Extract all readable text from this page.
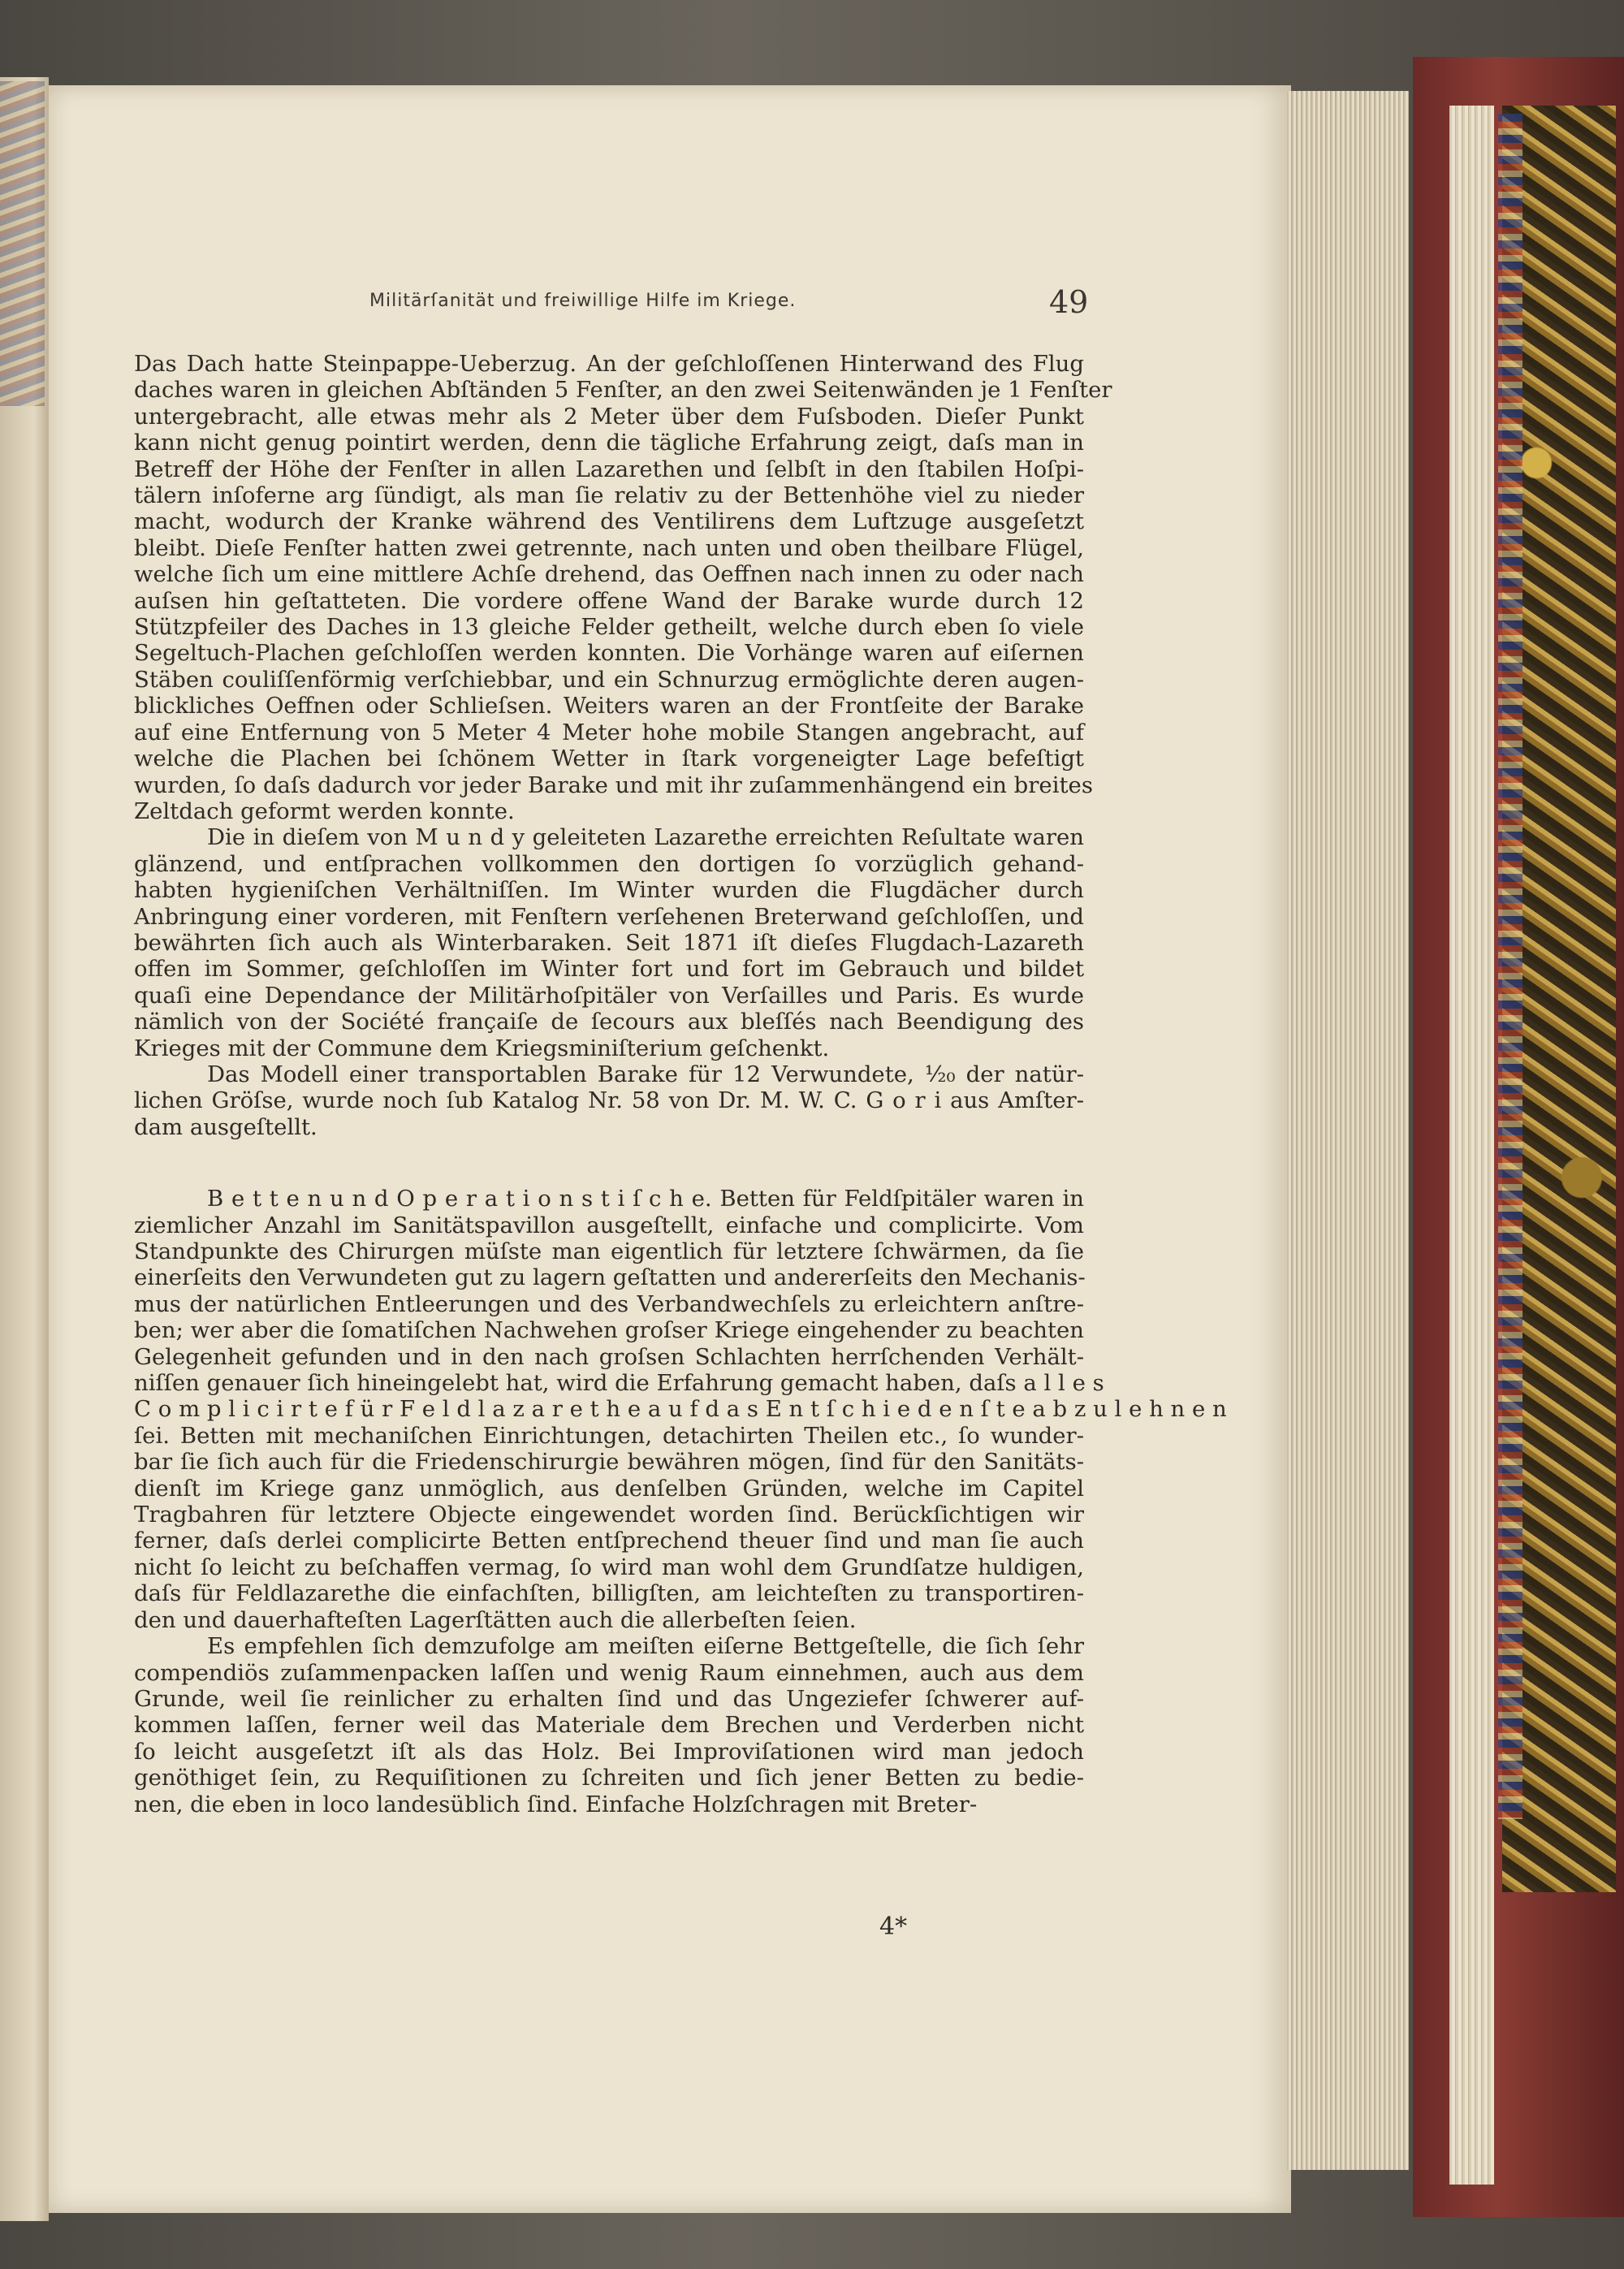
Militärſanität und freiwillige Hilfe im Kriege.	49
Das Dach hatte Steinpappe-Ueberzug. An der geſchloſſenen Hinterwand des Flug
daches waren in gleichen Abſtänden 5 Fenſter, an den zwei Seitenwänden je 1 Fenſter
untergebracht, alle etwas mehr als 2 Meter über dem Fuſsboden. Dieſer Punkt
kann nicht genug pointirt werden, denn die tägliche Erfahrung zeigt, daſs man in
Betreff der Höhe der Fenſter in allen Lazarethen und ſelbſt in den ſtabilen Hoſpi-
tälern inſoferne arg ſündigt, als man ſie relativ zu der Bettenhöhe viel zu nieder
macht, wodurch der Kranke während des Ventilirens dem Luftzuge ausgeſetzt
bleibt. Dieſe Fenſter hatten zwei getrennte, nach unten und oben theilbare Flügel,
welche ſich um eine mittlere Achſe drehend, das Oeffnen nach innen zu oder nach
auſsen hin geſtatteten. Die vordere offene Wand der Barake wurde durch 12
Stützpfeiler des Daches in 13 gleiche Felder getheilt, welche durch eben ſo viele
Segeltuch-Plachen geſchloſſen werden konnten. Die Vorhänge waren auf eiſernen
Stäben couliſſenförmig verſchiebbar, und ein Schnurzug ermöglichte deren augen-
blickliches Oeffnen oder Schlieſsen. Weiters waren an der Frontſeite der Barake
auf eine Entfernung von 5 Meter 4 Meter hohe mobile Stangen angebracht, auf
welche die Plachen bei ſchönem Wetter in ſtark vorgeneigter Lage befeſtigt
wurden, ſo daſs dadurch vor jeder Barake und mit ihr zuſammenhängend ein breites
Zeltdach geformt werden konnte.
Die in dieſem von M u n d y geleiteten Lazarethe erreichten Reſultate waren
glänzend, und entſprachen vollkommen den dortigen ſo vorzüglich gehand-
habten hygieniſchen Verhältniſſen. Im Winter wurden die Flugdächer durch
Anbringung einer vorderen, mit Fenſtern verſehenen Breterwand geſchloſſen, und
bewährten ſich auch als Winterbaraken. Seit 1871 iſt dieſes Flugdach-Lazareth
offen im Sommer, geſchloſſen im Winter fort und fort im Gebrauch und bildet
quaſi eine Dependance der Militärhoſpitäler von Verſailles und Paris. Es wurde
nämlich von der Société françaiſe de ſecours aux bleſſés nach Beendigung des
Krieges mit der Commune dem Kriegsminiſterium geſchenkt.
Das Modell einer transportablen Barake für 12 Verwundete, ¹⁄₂₀ der natür-
lichen Gröſse, wurde noch ſub Katalog Nr. 58 von Dr. M. W. C. G o r i aus Amſter-
dam ausgeſtellt.
B e t t e n u n d O p e r a t i o n s t i ſ c h e. Betten für Feldſpitäler waren in
ziemlicher Anzahl im Sanitätspavillon ausgeſtellt, einfache und complicirte. Vom
Standpunkte des Chirurgen müſste man eigentlich für letztere ſchwärmen, da ſie
einerſeits den Verwundeten gut zu lagern geſtatten und andererſeits den Mechanis-
mus der natürlichen Entleerungen und des Verbandwechſels zu erleichtern anſtre-
ben; wer aber die ſomatiſchen Nachwehen groſser Kriege eingehender zu beachten
Gelegenheit gefunden und in den nach groſsen Schlachten herrſchenden Verhält-
niſſen genauer ſich hineingelebt hat, wird die Erfahrung gemacht haben, daſs a l l e s
C o m p l i c i r t e f ü r F e l d l a z a r e t h e a u f d a s E n t ſ c h i e d e n ſ t e a b z u l e h n e n
ſei. Betten mit mechaniſchen Einrichtungen, detachirten Theilen etc., ſo wunder-
bar ſie ſich auch für die Friedenschirurgie bewähren mögen, ſind für den Sanitäts-
dienſt im Kriege ganz unmöglich, aus denſelben Gründen, welche im Capitel
Tragbahren für letztere Objecte eingewendet worden ſind. Berückſichtigen wir
ferner, daſs derlei complicirte Betten entſprechend theuer ſind und man ſie auch
nicht ſo leicht zu beſchaffen vermag, ſo wird man wohl dem Grundſatze huldigen,
daſs für Feldlazarethe die einfachſten, billigſten, am leichteſten zu transportiren-
den und dauerhafteſten Lagerſtätten auch die allerbeſten ſeien.
Es empfehlen ſich demzufolge am meiſten eiſerne Bettgeſtelle, die ſich ſehr
compendiös zuſammenpacken laſſen und wenig Raum einnehmen, auch aus dem
Grunde, weil ſie reinlicher zu erhalten ſind und das Ungeziefer ſchwerer auf-
kommen laſſen, ferner weil das Materiale dem Brechen und Verderben nicht
ſo leicht ausgeſetzt iſt als das Holz. Bei Improviſationen wird man jedoch
genöthiget ſein, zu Requiſitionen zu ſchreiten und ſich jener Betten zu bedie-
nen, die eben in loco landesüblich ſind. Einfache Holzſchragen mit Breter-
4*
